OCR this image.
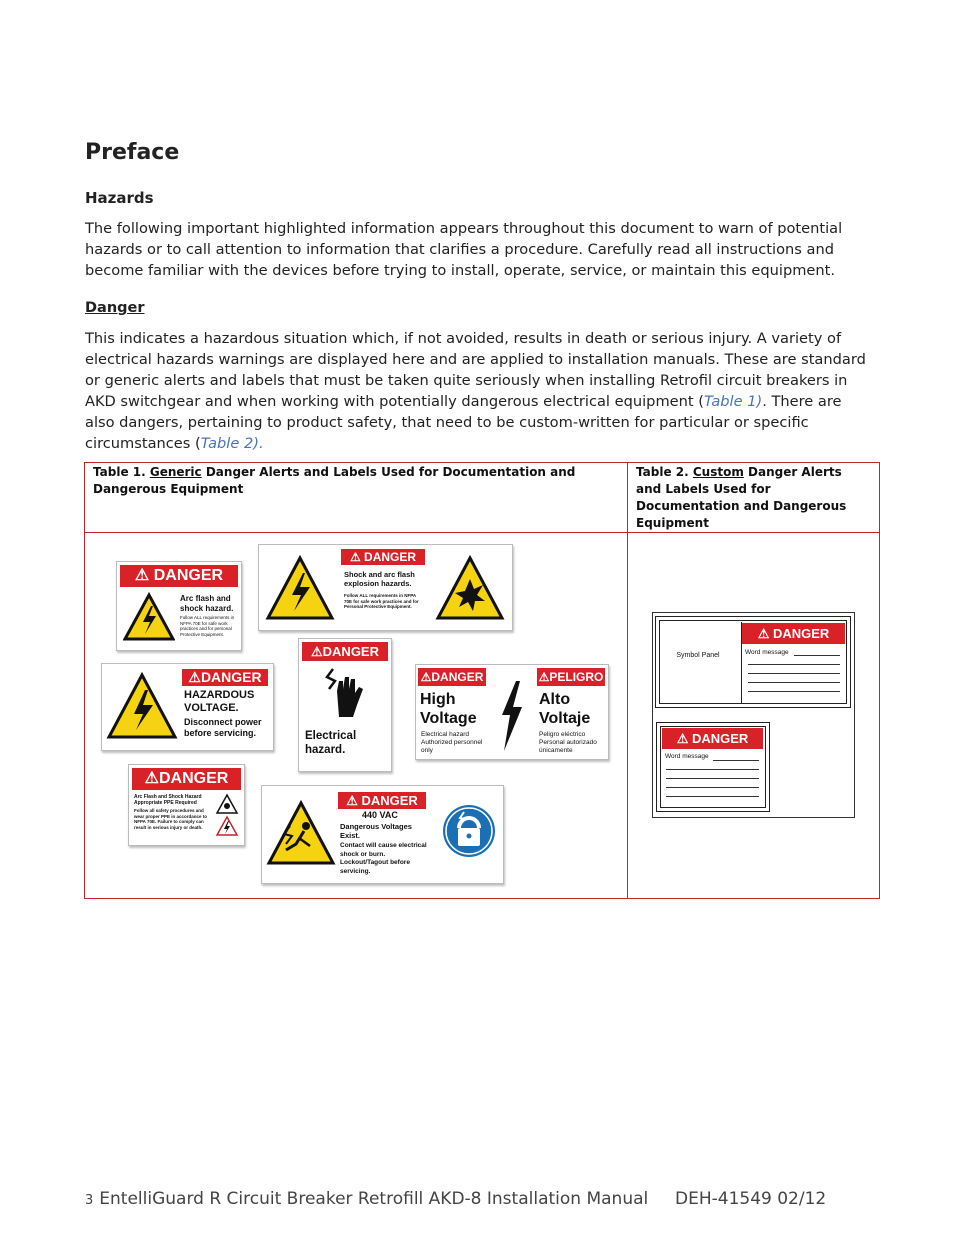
Preface
Hazards

The following important highlighted information appears throughout this document to warn of potential hazards or to call attention to information that clarifies a procedure. Carefully read all instructions and become familiar with the devices before trying to install, operate, service, or maintain this equipment.

Danger

This indicates a hazardous situation which, if not avoided, results in death or serious injury. A variety of electrical hazards warnings are displayed here and are applied to installation manuals. These are standard or generic alerts and labels that must be taken quite seriously when installing Retrofil circuit breakers in AKD switchgear and when working with potentially dangerous electrical equipment (Table 1). There are also dangers, pertaining to product safety, that need to be custom-written for particular or specific circumstances (Table 2).

Table 1. Generic Danger Alerts and Labels Used for Documentation and Dangerous Equipment	Table 2. Custom Danger Alerts and Labels Used for Documentation and Dangerous Equipment

⚠ DANGER
Arc flash and shock hazard.
Follow ALL requirements in NFPA 70E for safe work practices and for personal Protective Equipment.
⚠ DANGER
Shock and arc flash explosion hazards.
Follow ALL requirements in NFPA 70E for safe work practices and for Personal Protective Equipment.
⚠DANGER
HAZARDOUS VOLTAGE.
Disconnect power before servicing.
⚠DANGER
Electrical hazard.
⚠DANGER
High Voltage
Electrical hazard Authorized personnel only
⚠PELIGRO
Alto Voltaje
Peligro eléctrico Personal autorizado únicamente
⚠DANGER
Arc Flash and Shock Hazard Appropriate PPE Required
Follow all safety procedures and wear proper PPE in accordance to NFPA 70E. Failure to comply can result in serious injury or death.
⚠ DANGER
440 VAC
Dangerous Voltages Exist.
Contact will cause electrical shock or burn. Lockout/Tagout before servicing.
Symbol Panel
⚠ DANGER
Word message
⚠ DANGER
Word message
3 EntelliGuard R Circuit Breaker Retrofill AKD-8 Installation Manual DEH-41549 02/12
